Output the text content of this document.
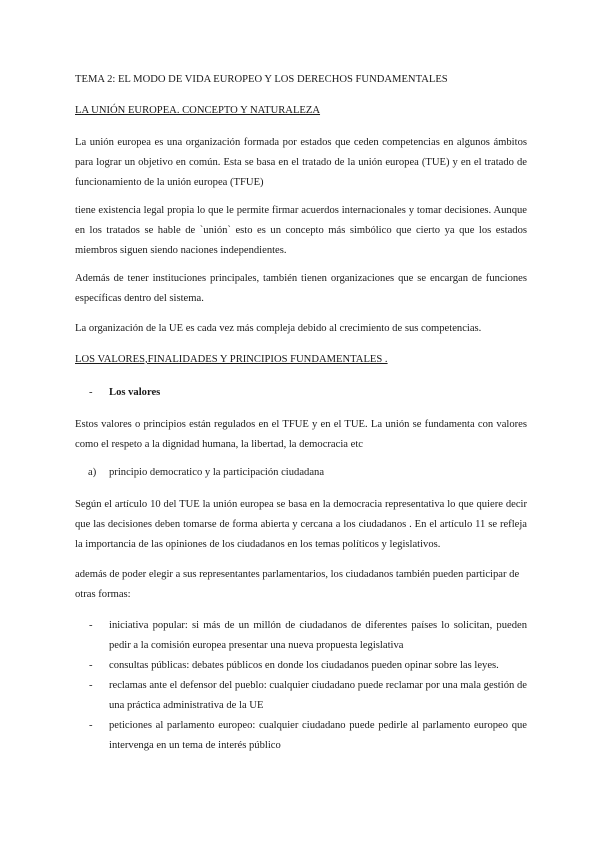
TEMA 2: EL MODO DE VIDA EUROPEO Y LOS DERECHOS FUNDAMENTALES

LA UNIÓN EUROPEA. CONCEPTO Y NATURALEZA

La unión europea es una organización formada por estados que ceden competencias en algunos ámbitos para lograr un objetivo en común. Esta se basa en el tratado de la unión europea (TUE) y en el tratado de funcionamiento de la unión europea (TFUE)

tiene existencia legal propia lo que le permite firmar acuerdos internacionales y tomar decisiones. Aunque en los tratados se hable de `unión` esto es un concepto más simbólico que cierto ya que los estados miembros siguen siendo naciones independientes.

Además de tener instituciones principales, también tienen organizaciones que se encargan de funciones específicas dentro del sistema.

La organización de la UE es cada vez más compleja debido al crecimiento de sus competencias.

LOS VALORES,FINALIDADES Y PRINCIPIOS FUNDAMENTALES .

- Los valores

Estos valores o principios están regulados en el TFUE y en el TUE. La unión se fundamenta con valores como el respeto a la dignidad humana, la libertad, la democracia etc

a) principio democratico y la participación ciudadana

Según el artículo 10 del TUE la unión europea se basa en la democracia representativa lo que quiere decir que las decisiones deben tomarse de forma abierta y cercana a los ciudadanos . En el artículo 11 se refleja la importancia de las opiniones de los ciudadanos en los temas políticos y legislativos.

además de poder elegir a sus representantes parlamentarios, los ciudadanos también pueden participar de otras formas:

- iniciativa popular: si más de un millón de ciudadanos de diferentes países lo solicitan, pueden pedir a la comisión europea presentar una nueva propuesta legislativa

- consultas públicas: debates públicos en donde los ciudadanos pueden opinar sobre las leyes.

- reclamas ante el defensor del pueblo: cualquier ciudadano puede reclamar por una mala gestión de una práctica administrativa de la UE

- peticiones al parlamento europeo: cualquier ciudadano puede pedirle al parlamento europeo que intervenga en un tema de interés público
